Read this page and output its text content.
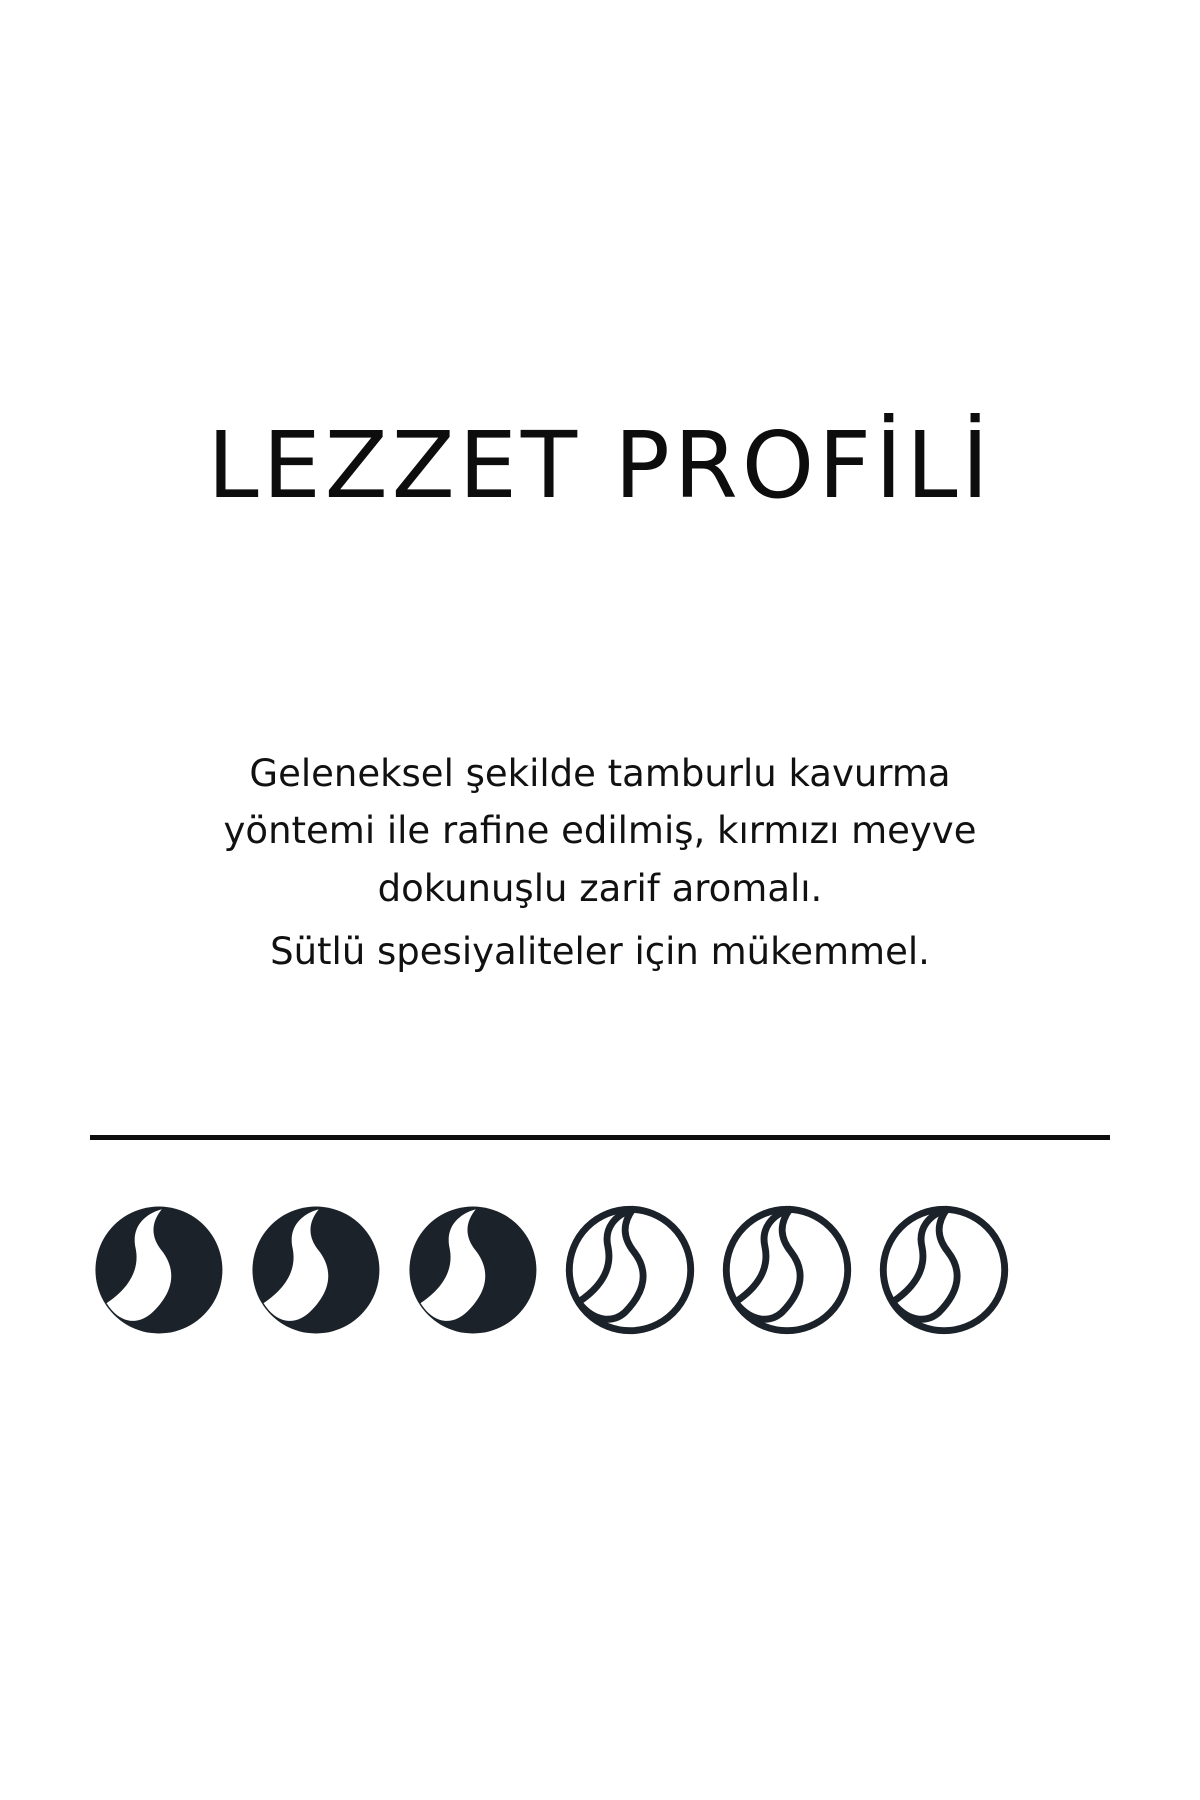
LEZZET PROFİLİ

Geleneksel şekilde tamburlu kavurma

yöntemi ile rafine edilmiş, kırmızı meyve

dokunuşlu zarif aromalı.

Sütlü spesiyaliteler için mükemmel.
